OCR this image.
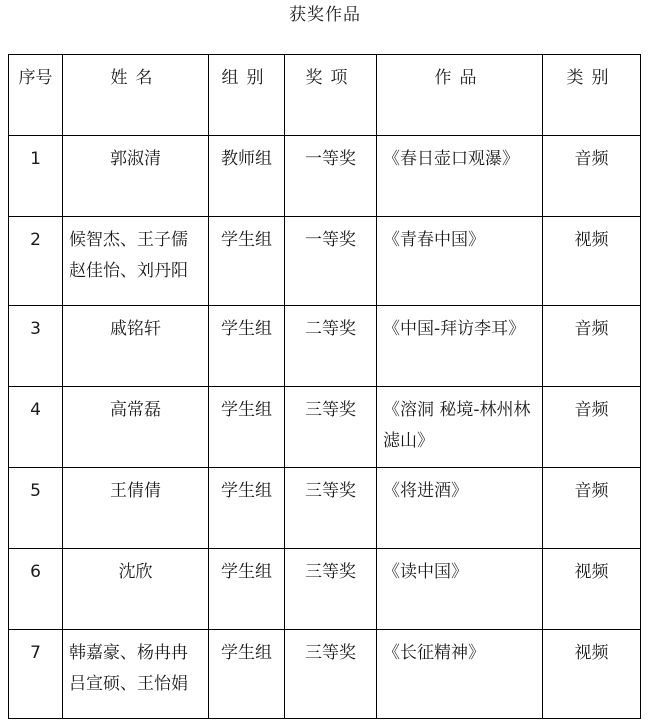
获奖作品
序号	姓名	组别	奖项	作品	类别
1	郭淑清	教师组	一等奖	《春日壶口观瀑》	音频
2	候智杰、王子儒赵佳怡、刘丹阳	学生组	一等奖	《青春中国》	视频
3	戚铭轩	学生组	二等奖	《中国-拜访李耳》	音频
4	高常磊	学生组	三等奖	《溶洞 秘境-林州林滤山》	音频
5	王倩倩	学生组	三等奖	《将进酒》	音频
6	沈欣	学生组	三等奖	《读中国》	视频
7	韩嘉豪、杨冉冉吕宣硕、王怡娟	学生组	三等奖	《长征精神》	视频
